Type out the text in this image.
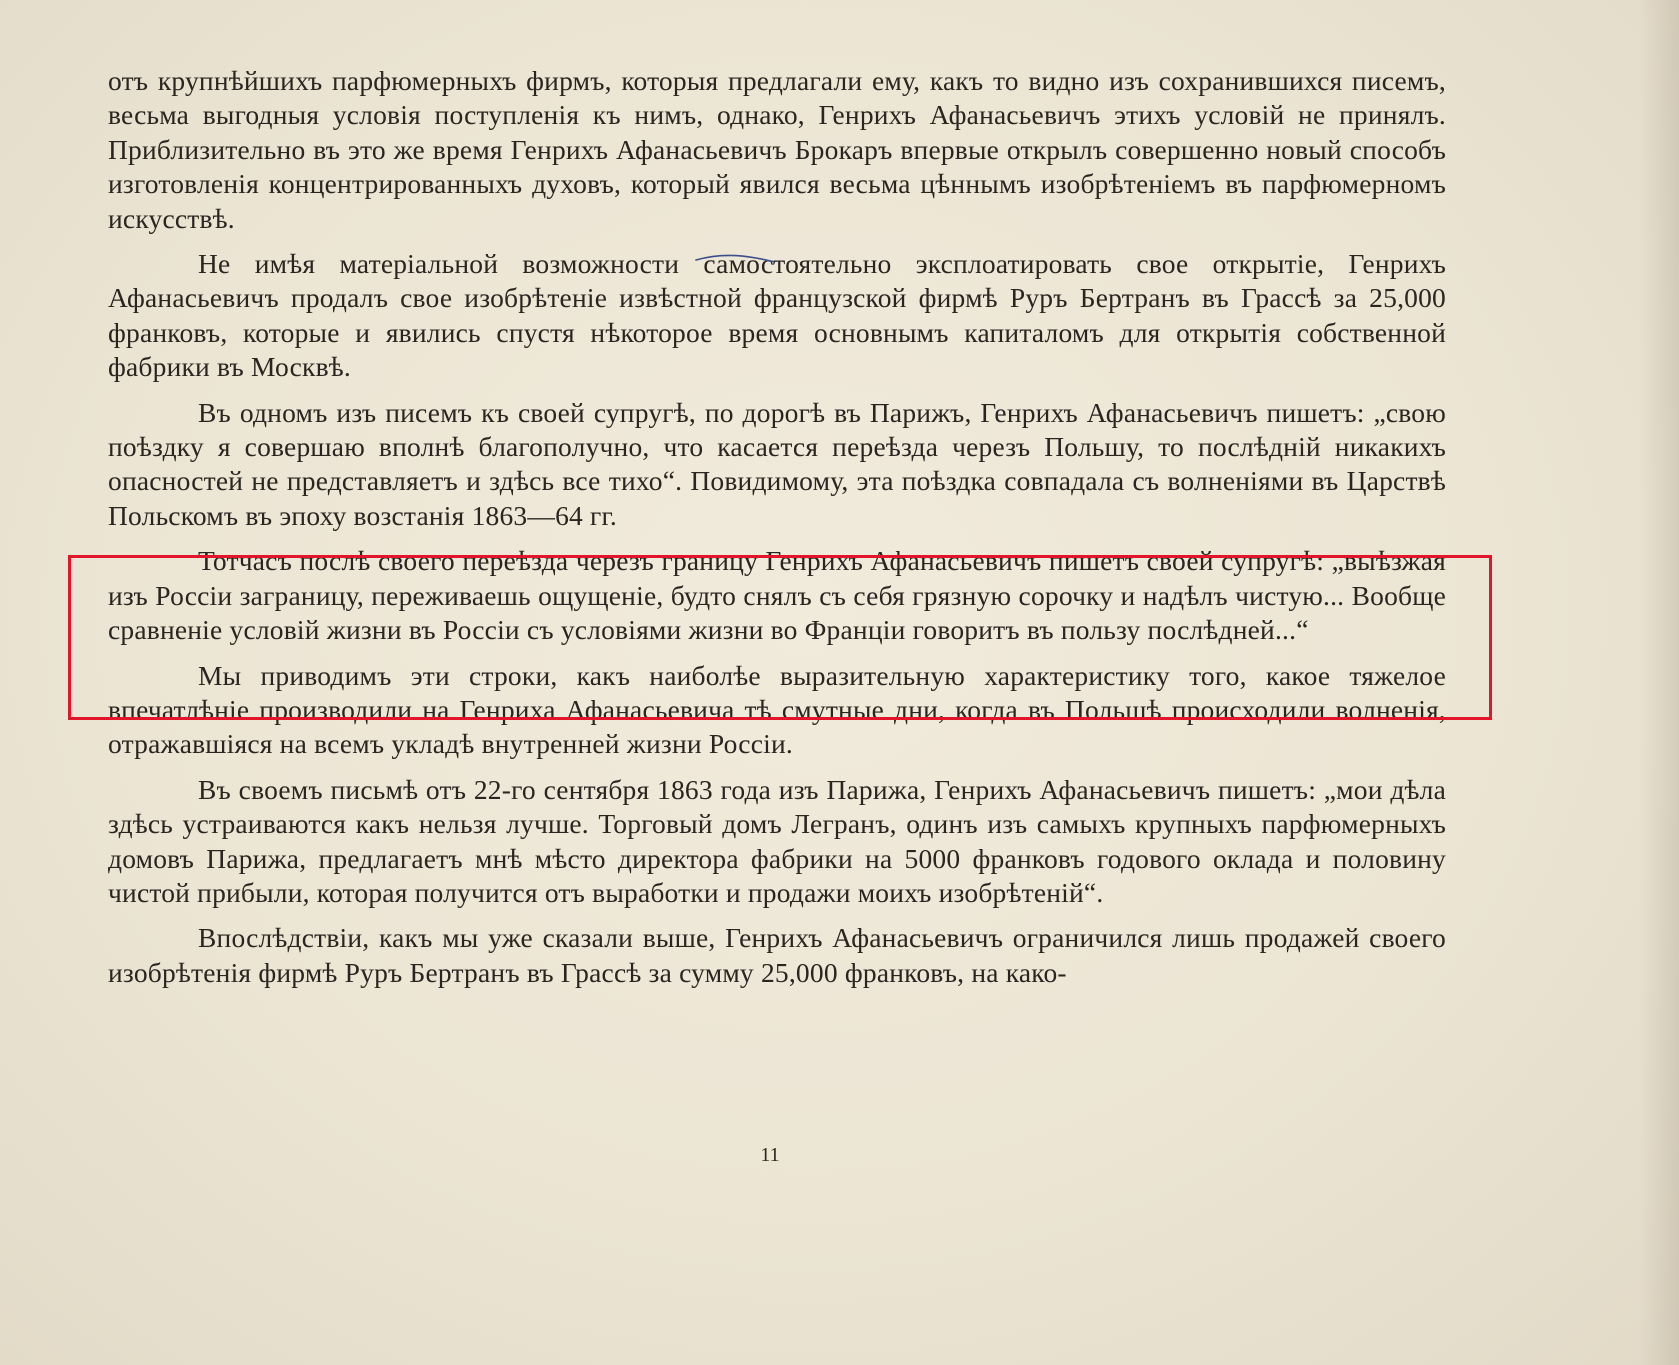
отъ крупнѣйшихъ парфюмерныхъ фирмъ, которыя предлагали ему, какъ то видно изъ сохранившихся писемъ, весьма выгодныя условія поступленія къ нимъ, однако, Генрихъ Афанасьевичъ этихъ условій не принялъ. Приблизительно въ это же время Генрихъ Афанасьевичъ Брокаръ впервые открылъ совершенно новый способъ изготовленія концентрированныхъ духовъ, который явился весьма цѣннымъ изобрѣтеніемъ въ парфюмерномъ искусствѣ.

Не имѣя матеріальной возможности самостоятельно эксплоатировать свое открытіе, Генрихъ Афанасьевичъ продалъ свое изобрѣтеніе извѣстной французской фирмѣ Руръ Бертранъ въ Грассѣ за 25,000 франковъ, которые и явились спустя нѣкоторое время основнымъ капиталомъ для открытія собственной фабрики въ Москвѣ.

Въ одномъ изъ писемъ къ своей супругѣ, по дорогѣ въ Парижъ, Генрихъ Афанасьевичъ пишетъ: „свою поѣздку я совершаю вполнѣ благополучно, что касается переѣзда черезъ Польшу, то послѣдній никакихъ опасностей не представляетъ и здѣсь все тихо“. Повидимому, эта поѣздка совпадала съ волненіями въ Царствѣ Польскомъ въ эпоху возстанія 1863—64 гг.

Тотчасъ послѣ своего переѣзда черезъ границу Генрихъ Афанасьевичъ пишетъ своей супругѣ: „выѣзжая изъ Россіи заграницу, переживаешь ощущеніе, будто снялъ съ себя грязную сорочку и надѣлъ чистую... Вообще сравненіе условій жизни въ Россіи съ условіями жизни во Франціи говоритъ въ пользу послѣдней...“

Мы приводимъ эти строки, какъ наиболѣе выразительную характеристику того, какое тяжелое впечатлѣніе производили на Генриха Афанасьевича тѣ смутные дни, когда въ Польшѣ происходили волненія, отражавшіяся на всемъ укладѣ внутренней жизни Россіи.

Въ своемъ письмѣ отъ 22-го сентября 1863 года изъ Парижа, Генрихъ Афанасьевичъ пишетъ: „мои дѣла здѣсь устраиваются какъ нельзя лучше. Торговый домъ Легранъ, одинъ изъ самыхъ крупныхъ парфюмерныхъ домовъ Парижа, предлагаетъ мнѣ мѣсто директора фабрики на 5000 франковъ годового оклада и половину чистой прибыли, которая получится отъ выработки и продажи моихъ изобрѣтеній“.

Впослѣдствіи, какъ мы уже сказали выше, Генрихъ Афанасьевичъ ограничился лишь продажей своего изобрѣтенія фирмѣ Руръ Бертранъ въ Грассѣ за сумму 25,000 франковъ, на како-

11
